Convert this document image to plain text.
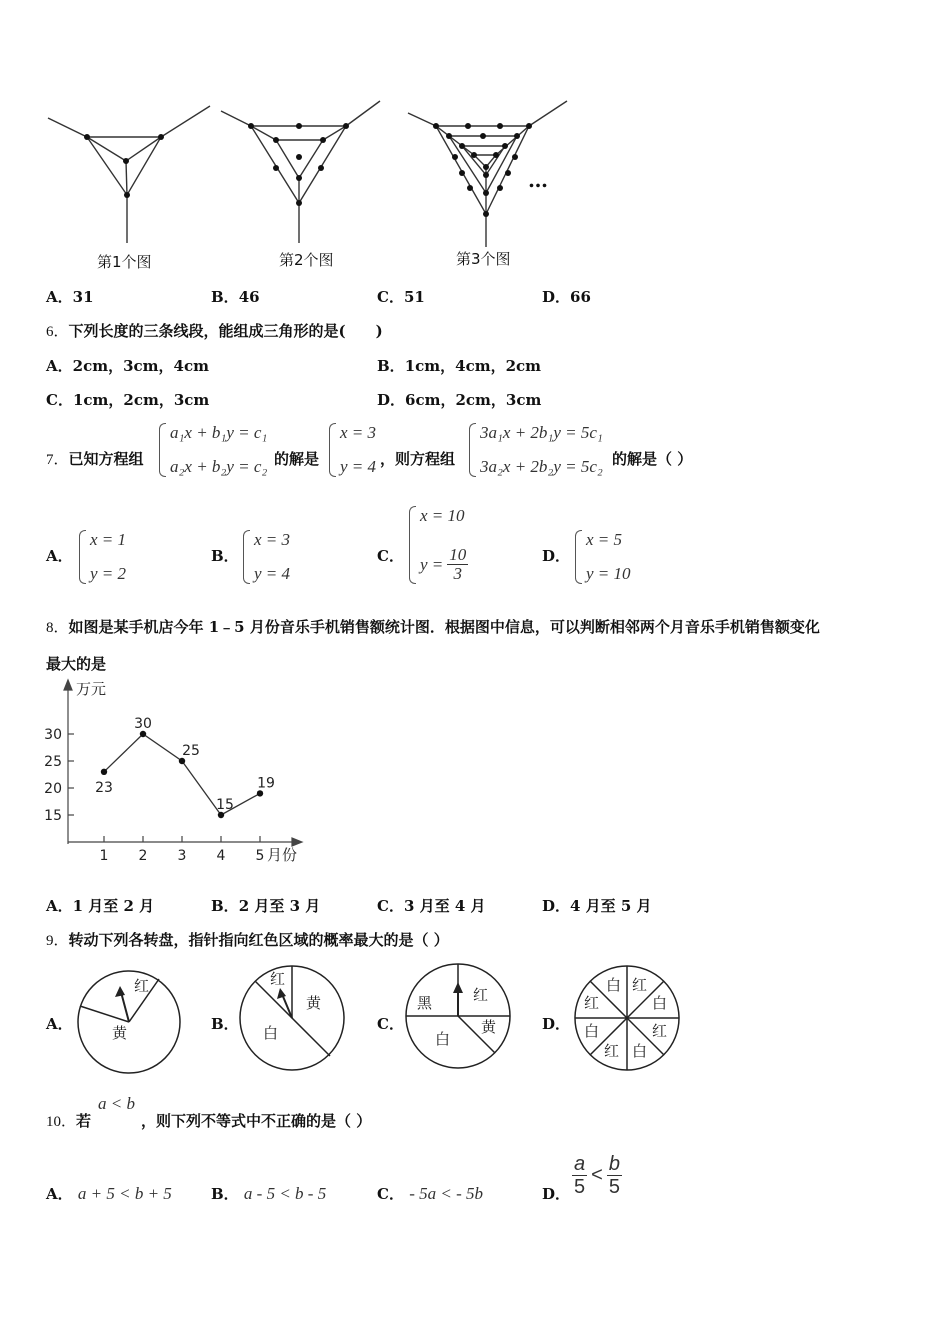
第1个图	第2个图	第3个图
…
A．31	B．46	C．51	D．66
6．下列长度的三条线段，能组成三角形的是(　　)
A．2cm，3cm，4cm	B．1cm，4cm，2cm
C．1cm，2cm，3cm	D．6cm，2cm，3cm
7．已知方程组
a₁x + b₁y = c₁
a₂x + b₂y = c₂ 的解是
x = 3
y = 4 ，则方程组
3a₁x + 2b₁y = 5c₁
3a₂x + 2b₂y = 5c₂ 的解是（ ）
A．
x = 1
y = 2
B．
x = 3
y = 4
C．
x = 10
$y = \frac{10}{3}$	D．
x = 5
y = 10
8．如图是某手机店今年 1﹣5 月份音乐手机销售额统计图．根据图中信息，可以判断相邻两个月音乐手机销售额变化
最大的是
万元
月份
15
20
25
30
1 2 3 4 5
23
30
25
15
19
A．1 月至 2 月	B．2 月至 3 月	C．3 月至 4 月	D．4 月至 5 月
9．转动下列各转盘，指针指向红色区域的概率最大的是（ ）
A．
红
黄	B．
红
黄
白	C．
黑	红
黄
白
D．
白 红
红	白
白	红
红 白
10．若
a < b
，则下列不等式中不正确的是（ ）
A． a + 5 < b + 5	B． a - 5 < b - 5	C． - 5a < - 5b	D． $\frac{a}{5} < \frac{b}{5}$
